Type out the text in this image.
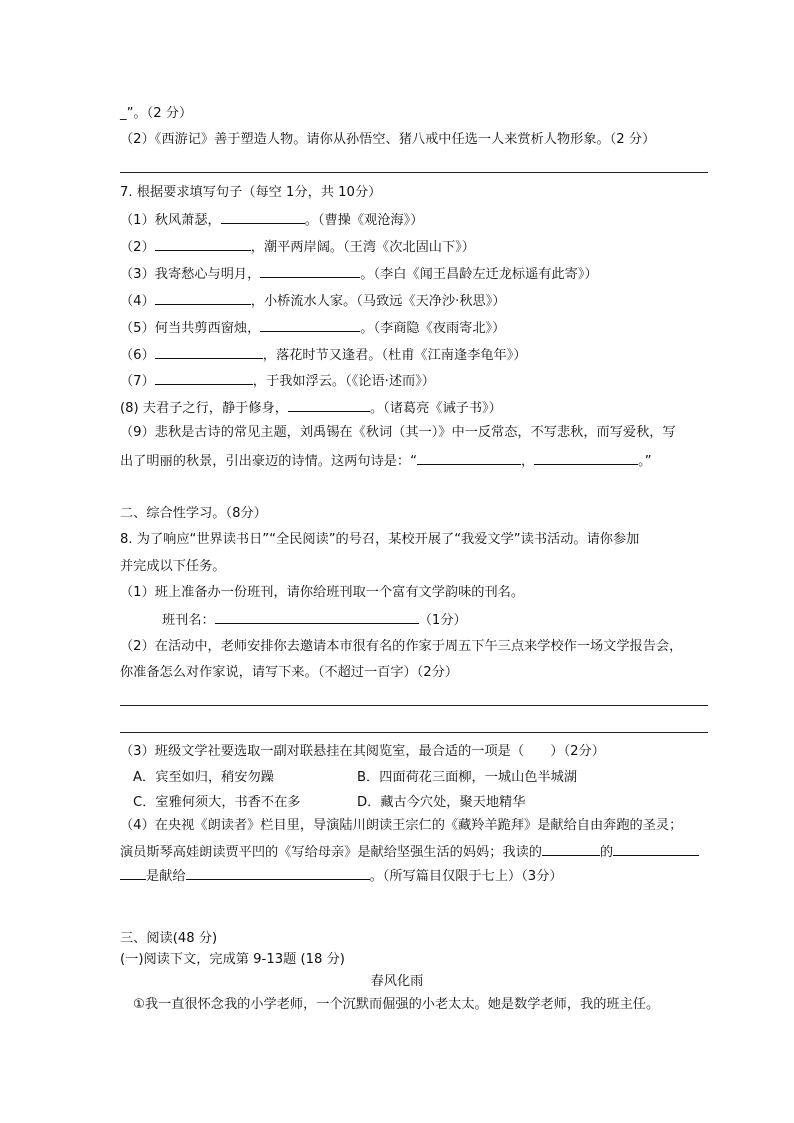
_”。（2 分）
（2）《西游记》善于塑造人物。请你从孙悟空、猪八戒中任选一人来赏析人物形象。（2 分）
7. 根据要求填写句子（每空 1分，共 10分）
（1）秋风萧瑟，	。（曹操《观沧海》）
（2）	，潮平两岸阔。（王湾《次北固山下》）
（3）我寄愁心与明月，	。（李白《闻王昌龄左迁龙标遥有此寄》）
（4）	，小桥流水人家。（马致远《天净沙·秋思》）
（5）何当共剪西窗烛，	。（李商隐《夜雨寄北》）
（6）	，落花时节又逢君。（杜甫《江南逢李龟年》）
（7）	，于我如浮云。（《论语·述而》）
(8) 夫君子之行，静于修身，	。（诸葛亮《诫子书》）
（9）悲秋是古诗的常见主题，刘禹锡在《秋词（其一）》中一反常态，不写悲秋，而写爱秋，写
出了明丽的秋景，引出豪迈的诗情。这两句诗是：“	，	。”
二、综合性学习。（8分）
8. 为了响应“世界读书日”“全民阅读”的号召，某校开展了“我爱文学”读书活动。请你参加
并完成以下任务。
（1）班上准备办一份班刊，请你给班刊取一个富有文学韵味的刊名。
班刊名：	（1分）
（2）在活动中，老师安排你去邀请本市很有名的作家于周五下午三点来学校作一场文学报告会，
你准备怎么对作家说，请写下来。（不超过一百字）（2分）
（3）班级文学社要选取一副对联悬挂在其阅览室，最合适的一项是（　　）（2分）
A．宾至如归，稍安勿躁	B．四面荷花三面柳，一城山色半城湖
C．室雅何须大，书香不在多	D．藏古今穴处，聚天地精华
（4）在央视《朗读者》栏目里，导演陆川朗读王宗仁的《藏羚羊跪拜》是献给自由奔跑的圣灵；
演员斯琴高娃朗读贾平凹的《写给母亲》是献给坚强生活的妈妈；我读的	的
是献给	。（所写篇目仅限于七上）（3分）
三、阅读(48 分)
(一)阅读下文，完成第 9-13题 (18 分)
春风化雨
①我一直很怀念我的小学老师，一个沉默而倔强的小老太太。她是数学老师，我的班主任。
